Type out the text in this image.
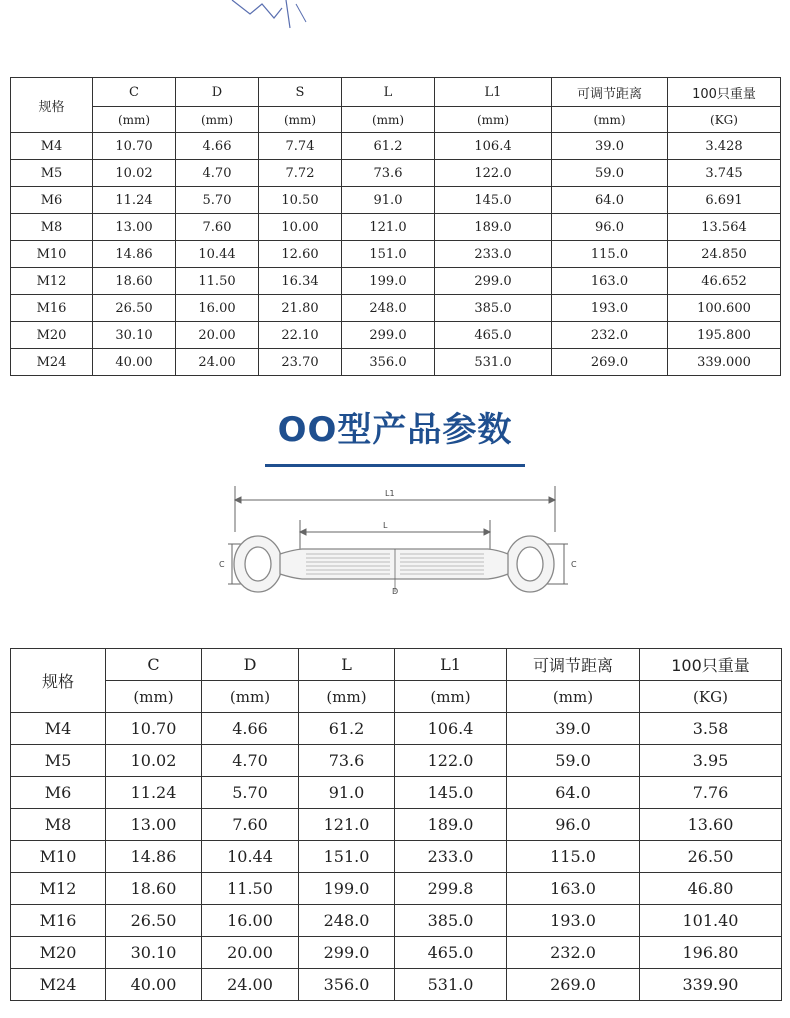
规格	C	D	S	L	L1	可调节距离	100只重量
	(mm)	(mm)	(mm)	(mm)	(mm)	(mm)	(KG)
M4	10.70	4.66	7.74	61.2	106.4	39.0	3.428
M5	10.02	4.70	7.72	73.6	122.0	59.0	3.745
M6	11.24	5.70	10.50	91.0	145.0	64.0	6.691
M8	13.00	7.60	10.00	121.0	189.0	96.0	13.564
M10	14.86	10.44	12.60	151.0	233.0	115.0	24.850
M12	18.60	11.50	16.34	199.0	299.0	163.0	46.652
M16	26.50	16.00	21.80	248.0	385.0	193.0	100.600
M20	30.10	20.00	22.10	299.0	465.0	232.0	195.800
M24	40.00	24.00	23.70	356.0	531.0	269.0	339.000
OO型产品参数
L1
L
C	C
D
规格	C	D	L	L1	可调节距离	100只重量
	(mm)	(mm)	(mm)	(mm)	(mm)	(KG)
M4	10.70	4.66	61.2	106.4	39.0	3.58
M5	10.02	4.70	73.6	122.0	59.0	3.95
M6	11.24	5.70	91.0	145.0	64.0	7.76
M8	13.00	7.60	121.0	189.0	96.0	13.60
M10	14.86	10.44	151.0	233.0	115.0	26.50
M12	18.60	11.50	199.0	299.8	163.0	46.80
M16	26.50	16.00	248.0	385.0	193.0	101.40
M20	30.10	20.00	299.0	465.0	232.0	196.80
M24	40.00	24.00	356.0	531.0	269.0	339.90
